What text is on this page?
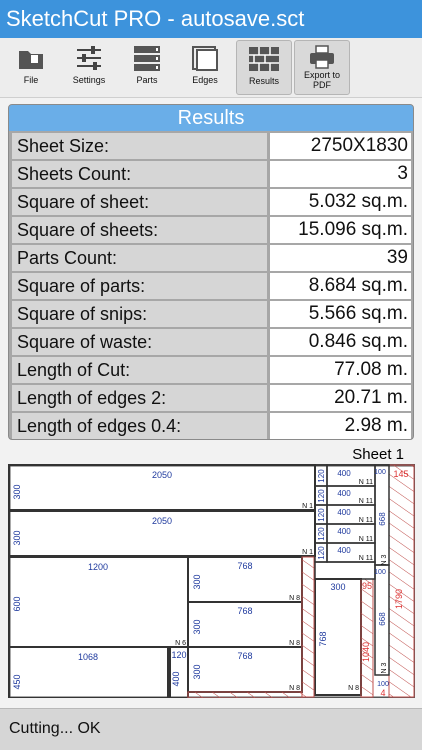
SketchCut PRO - autosave.sct
File	Settings	Parts	Edges	Results
Export to
PDF
Results
Sheet Size:	2750X1830
Sheets Count:	3
Square of sheet:	5.032 sq.m.
Square of sheets:	15.096 sq.m.
Parts Count:	39
Square of parts:	8.684 sq.m.
Square of snips:	5.566 sq.m.
Square of waste:	0.846 sq.m.
Length of Cut:	77.08 m.
Length of edges 2:	20.71 m.
Length of edges 0.4:	2.98 m.
Sheet 1
2050
300
2050
300
1200
600
1068
450
120
400
768
300
768
300
768
300
300
768
120
120
120
120
120
400
400
400
400
400
100
100
668
668
100
N 1
N 1
N 6
N 8
N 8
N 8	N 8
N 11
N 11
N 11
N 11
N 11 N 3
N 3
145
1790
95
1040
4
Cutting... OK
